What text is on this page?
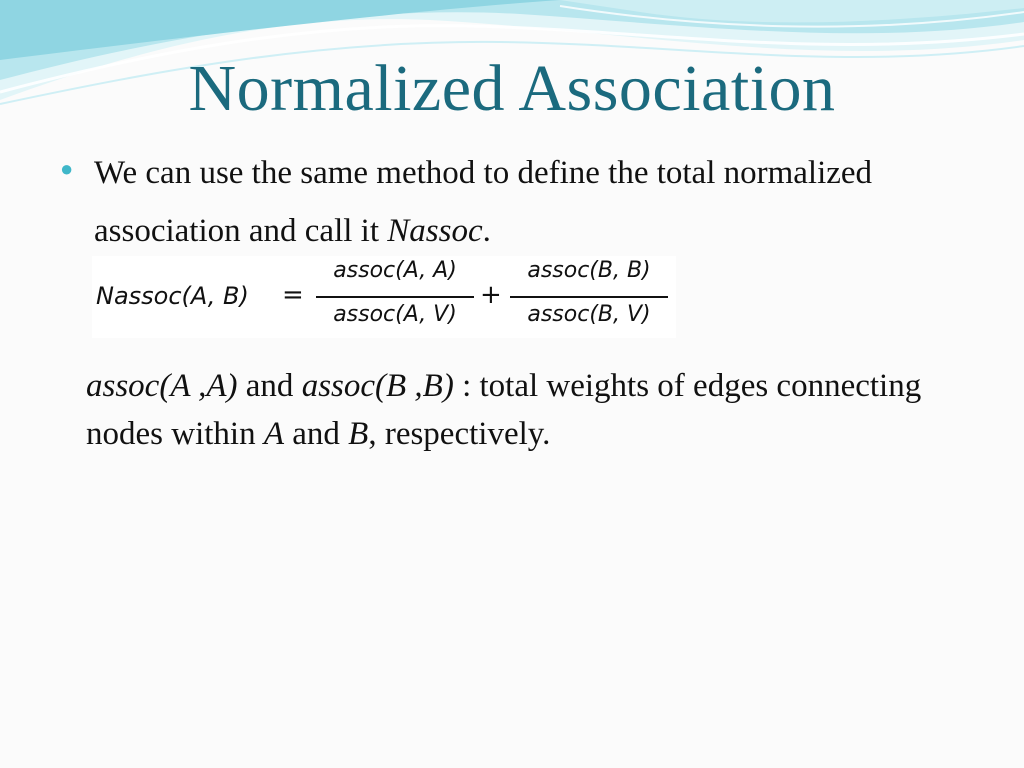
Normalized Association
● We can use the same method to define the total normalized association and call it Nassoc.
Nassoc(A, B) =
assoc(A, A)
assoc(A, V)
+
assoc(B, B)
assoc(B, V)
assoc(A ,A) and assoc(B ,B) : total weights of edges connecting nodes within A and B, respectively.
